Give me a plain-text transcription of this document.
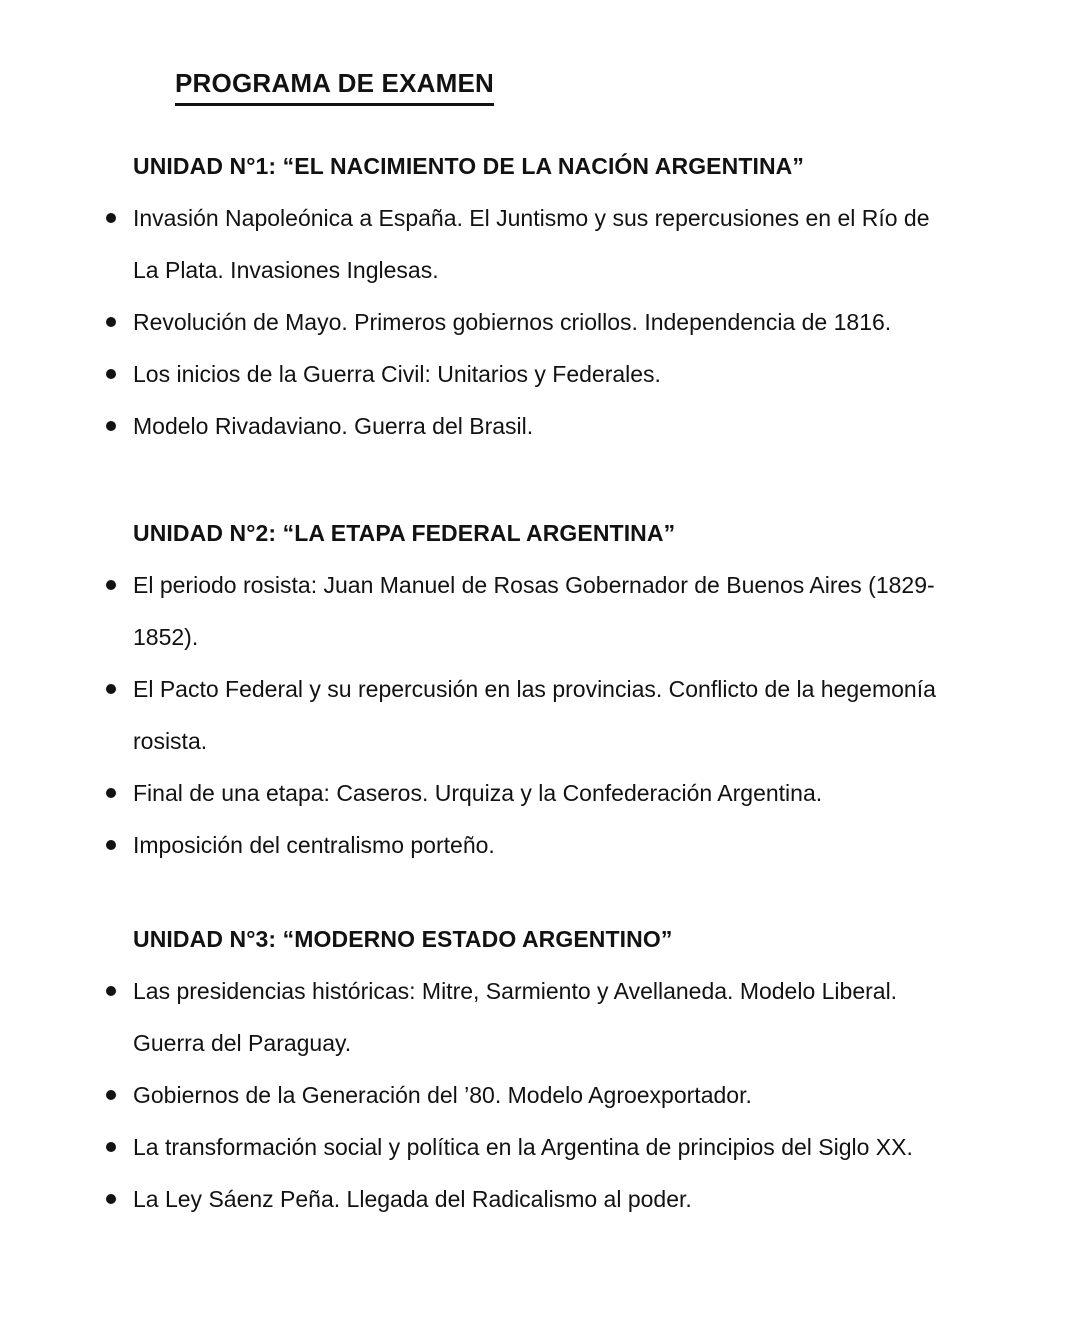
PROGRAMA DE EXAMEN
UNIDAD N°1: “EL NACIMIENTO DE LA NACIÓN ARGENTINA”
Invasión Napoleónica a España. El Juntismo y sus repercusiones en el Río de La Plata. Invasiones Inglesas.
Revolución de Mayo. Primeros gobiernos criollos. Independencia de 1816.
Los inicios de la Guerra Civil: Unitarios y Federales.
Modelo Rivadaviano. Guerra del Brasil.
UNIDAD N°2: “LA ETAPA FEDERAL ARGENTINA”
El periodo rosista: Juan Manuel de Rosas Gobernador de Buenos Aires (1829-1852).
El Pacto Federal y su repercusión en las provincias. Conflicto de la hegemonía rosista.
Final de una etapa: Caseros. Urquiza y la Confederación Argentina.
Imposición del centralismo porteño.
UNIDAD N°3: “MODERNO ESTADO ARGENTINO”
Las presidencias históricas: Mitre, Sarmiento y Avellaneda. Modelo Liberal. Guerra del Paraguay.
Gobiernos de la Generación del ’80. Modelo Agroexportador.
La transformación social y política en la Argentina de principios del Siglo XX.
La Ley Sáenz Peña. Llegada del Radicalismo al poder.
